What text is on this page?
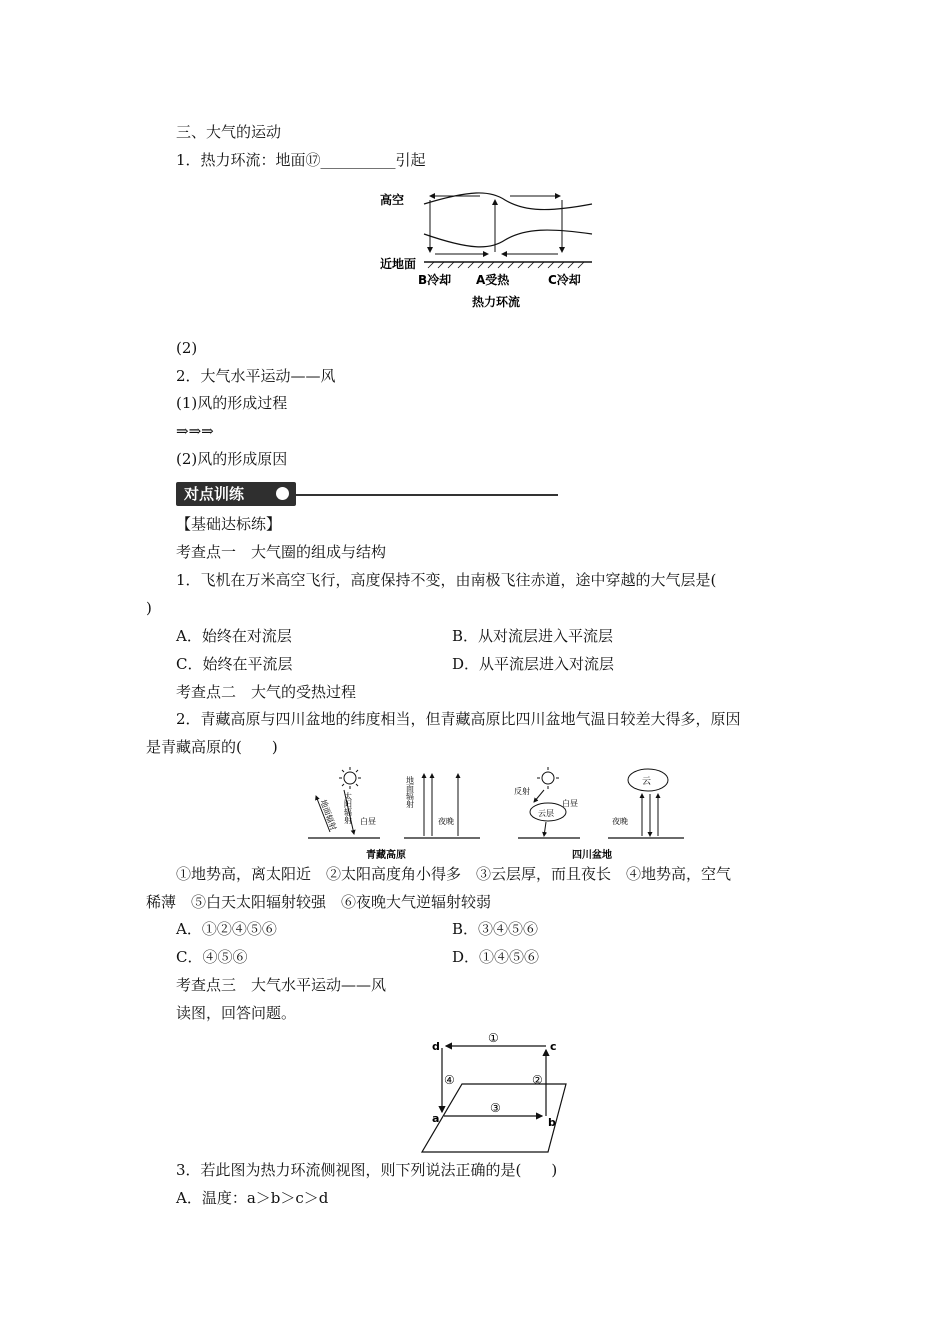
三、大气的运动
1．热力环流：地面⑰__________引起
高空
近地面
B冷却 A受热	C冷却
热力环流
(2)
2．大气水平运动——风
(1)风的形成过程
⇒⇒⇒
(2)风的形成原因
对点训练
【基础达标练】
考查点一　大气圈的组成与结构
1．飞机在万米高空飞行，高度保持不变，由南极飞往赤道，途中穿越的大气层是(
)
A．始终在对流层	B．从对流层进入平流层
C．始终在平流层	D．从平流层进入对流层
考查点二　大气的受热过程
2．青藏高原与四川盆地的纬度相当，但青藏高原比四川盆地气温日较差大得多，原因
是青藏高原的(　　)
地面辐射 太阳辐射 白昼
地面辐射
夜晚
青藏高原
反射
白昼
云层
云
夜晚
四川盆地
①地势高，离太阳近　②太阳高度角小得多　③云层厚，而且夜长　④地势高，空气
稀薄　⑤白天太阳辐射较强　⑥夜晚大气逆辐射较弱
A．①②④⑤⑥	B．③④⑤⑥
C．④⑤⑥	D．①④⑤⑥
考查点三　大气水平运动——风
读图，回答问题。
d	c
a	b
①
②
③
④
3．若此图为热力环流侧视图，则下列说法正确的是(　　)
A．温度：a＞b＞c＞d
